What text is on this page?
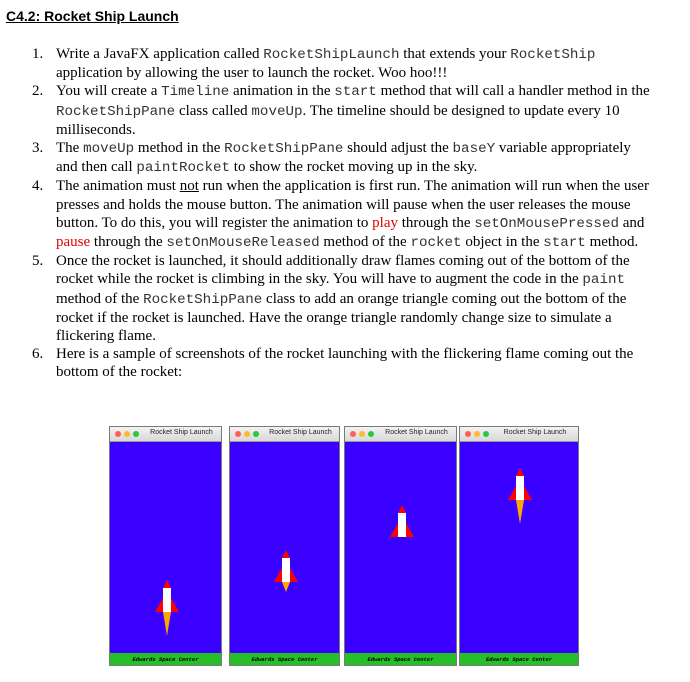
C4.2: Rocket Ship Launch
1. Write a JavaFX application called RocketShipLaunch that extends your RocketShip application by allowing the user to launch the rocket. Woo hoo!!!
2. You will create a Timeline animation in the start method that will call a handler method in the RocketShipPane class called moveUp. The timeline should be designed to update every 10 milliseconds.
3. The moveUp method in the RocketShipPane should adjust the baseY variable appropriately and then call paintRocket to show the rocket moving up in the sky.
4. The animation must not run when the application is first run. The animation will run when the user presses and holds the mouse button. The animation will pause when the user releases the mouse button. To do this, you will register the animation to play through the setOnMousePressed and pause through the setOnMouseReleased method of the rocket object in the start method.
5. Once the rocket is launched, it should additionally draw flames coming out of the bottom of the rocket while the rocket is climbing in the sky. You will have to augment the code in the paint method of the RocketShipPane class to add an orange triangle coming out the bottom of the rocket if the rocket is launched. Have the orange triangle randomly change size to simulate a flickering flame.
6. Here is a sample of screenshots of the rocket launching with the flickering flame coming out the bottom of the rocket:
Rocket Ship Launch
Edwards Space Center
Rocket Ship Launch
Edwards Space Center
Rocket Ship Launch
Edwards Space Center
Rocket Ship Launch
Edwards Space Center
